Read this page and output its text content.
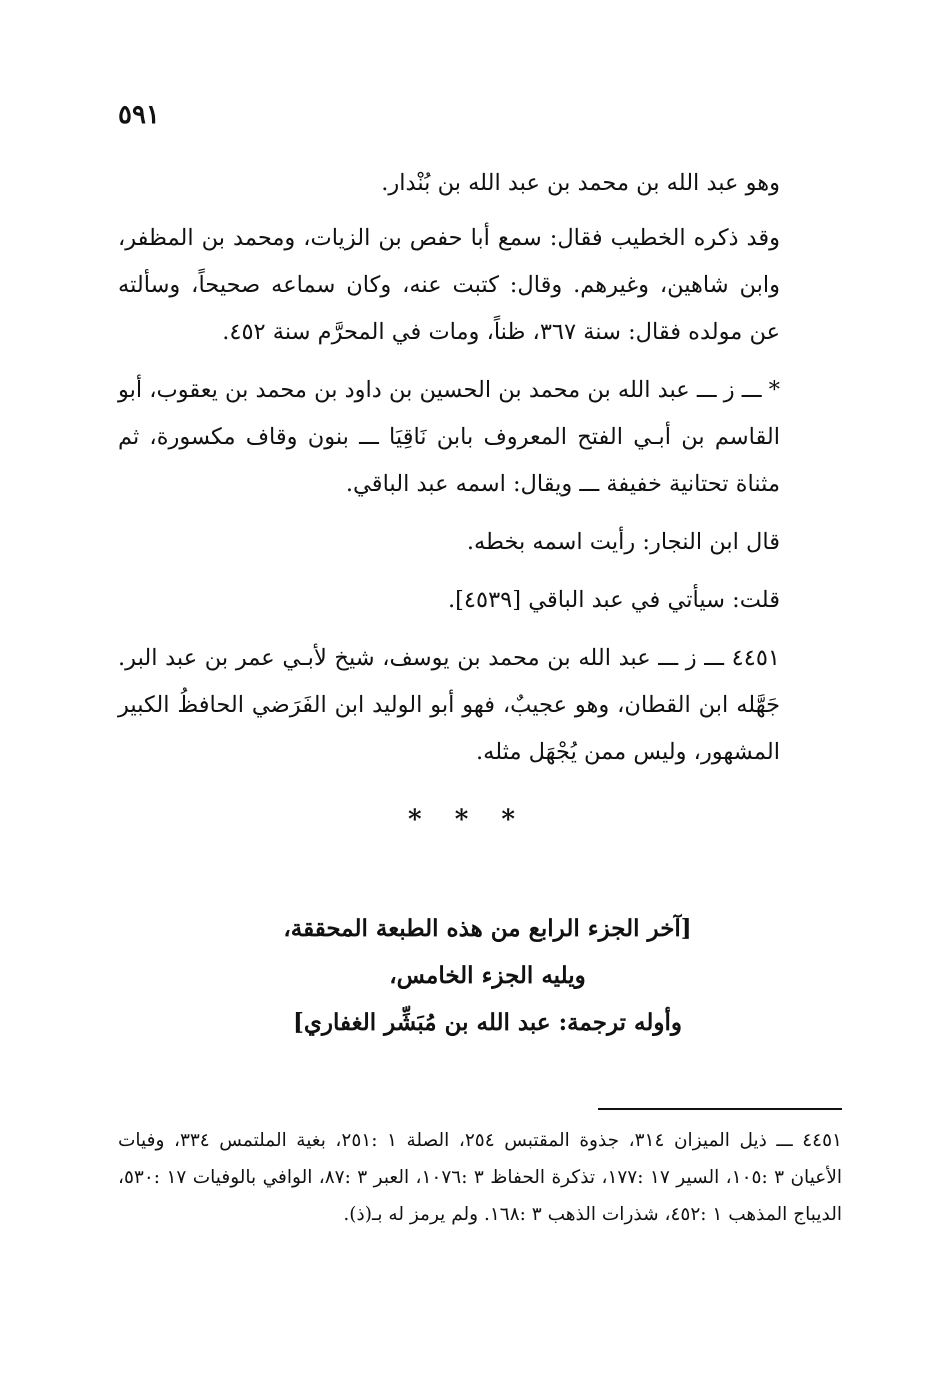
٥٩١

وهو عبد الله بن محمد بن عبد الله بن بُنْدار.

وقد ذكره الخطيب فقال: سمع أبا حفص بن الزيات، ومحمد بن المظفر، وابن شاهين، وغيرهم. وقال: كتبت عنه، وكان سماعه صحيحاً، وسألته عن مولده فقال: سنة ٣٦٧، ظناً، ومات في المحرَّم سنة ٤٥٢.

* ـــ ز ـــ عبد الله بن محمد بن الحسين بن داود بن محمد بن يعقوب، أبو القاسم بن أبـي الفتح المعروف بابن نَاقِيَا ـــ بنون وقاف مكسورة، ثم مثناة تحتانية خفيفة ـــ ويقال: اسمه عبد الباقي.

قال ابن النجار: رأيت اسمه بخطه.

قلت: سيأتي في عبد الباقي [٤٥٣٩].

٤٤٥١ ـــ ز ـــ عبد الله بن محمد بن يوسف، شيخ لأبـي عمر بن عبد البر. جَهَّله ابن القطان، وهو عجيبٌ، فهو أبو الوليد ابن الفَرَضي الحافظُ الكبير المشهور، وليس ممن يُجْهَل مثله.

* * *
[آخر الجزء الرابع من هذه الطبعة المحققة،
ويليه الجزء الخامس،
وأوله ترجمة: عبد الله بن مُبَشِّر الغفاري]

٤٤٥١ ـــ ذيل الميزان ٣١٤، جذوة المقتبس ٢٥٤، الصلة ١ :٢٥١، بغية الملتمس ٣٣٤، وفيات الأعيان ٣ :١٠٥، السير ١٧ :١٧٧، تذكرة الحفاظ ٣ :١٠٧٦، العبر ٣ :٨٧، الوافي بالوفيات ١٧ :٥٣٠، الديباج المذهب ١ :٤٥٢، شذرات الذهب ٣ :١٦٨. ولم يرمز له بـ(ذ).
